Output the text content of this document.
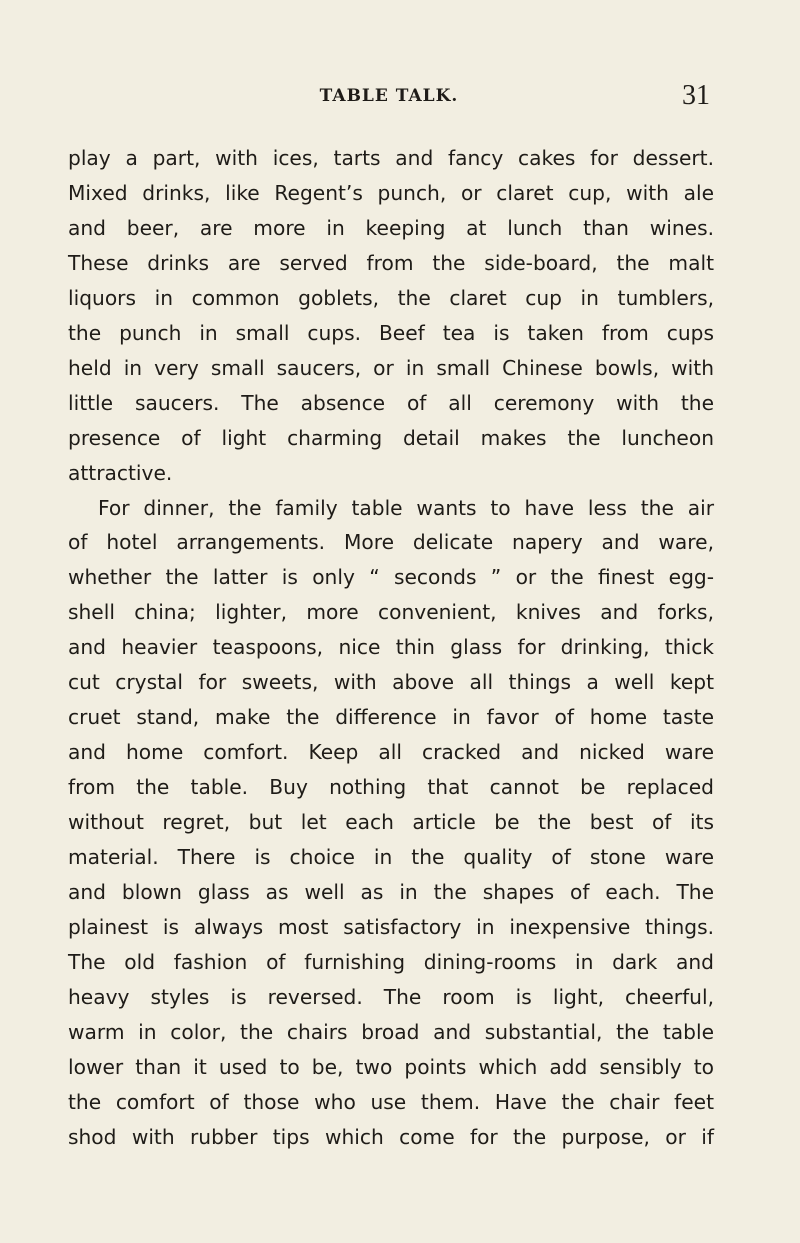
TABLE TALK.	31
play a part, with ices, tarts and fancy cakes for dessert.
Mixed drinks, like Regent’s punch, or claret cup, with ale
and beer, are more in keeping at lunch than wines.
These drinks are served from the side-board, the malt
liquors in common goblets, the claret cup in tumblers,
the punch in small cups. Beef tea is taken from cups
held in very small saucers, or in small Chinese bowls, with
little saucers. The absence of all ceremony with the
presence of light charming detail makes the luncheon
attractive.
For dinner, the family table wants to have less the air
of hotel arrangements. More delicate napery and ware,
whether the latter is only “ seconds ” or the finest egg-
shell china; lighter, more convenient, knives and forks,
and heavier teaspoons, nice thin glass for drinking, thick
cut crystal for sweets, with above all things a well kept
cruet stand, make the difference in favor of home taste
and home comfort. Keep all cracked and nicked ware
from the table. Buy nothing that cannot be replaced
without regret, but let each article be the best of its
material. There is choice in the quality of stone ware
and blown glass as well as in the shapes of each. The
plainest is always most satisfactory in inexpensive things.
The old fashion of furnishing dining-rooms in dark and
heavy styles is reversed. The room is light, cheerful,
warm in color, the chairs broad and substantial, the table
lower than it used to be, two points which add sensibly to
the comfort of those who use them. Have the chair feet
shod with rubber tips which come for the purpose, or if
